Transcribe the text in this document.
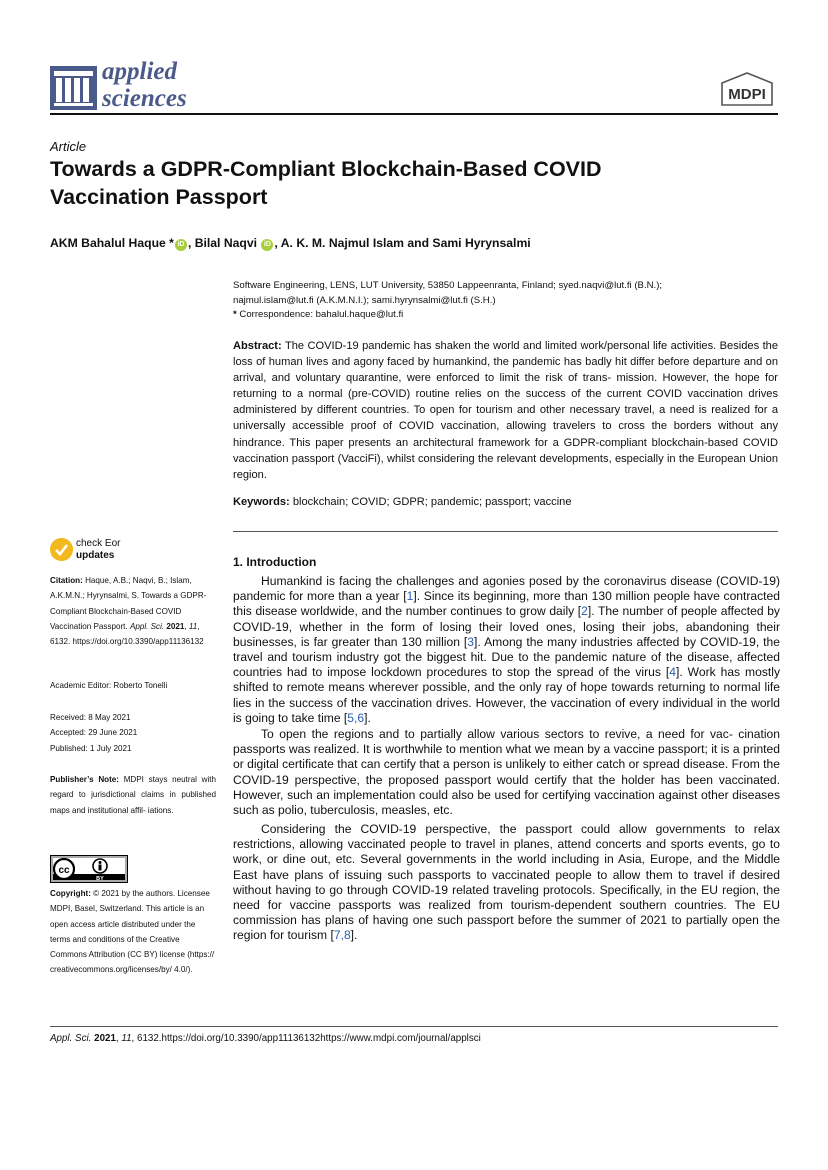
applied
sciences	MDPI
Article
Towards a GDPR-Compliant Blockchain-Based COVID Vaccination Passport
AKM Bahalul Haque * iD , Bilal Naqvi iD , A. K. M. Najmul Islam and Sami Hyrynsalmi
Software Engineering, LENS, LUT University, 53850 Lappeenranta, Finland; syed.naqvi@lut.fi (B.N.);
najmul.islam@lut.fi (A.K.M.N.I.); sami.hyrynsalmi@lut.fi (S.H.)
* Correspondence: bahalul.haque@lut.fi
Abstract: The COVID-19 pandemic has shaken the world and limited work/personal life activities. Besides the loss of human lives and agony faced by humankind, the pandemic has badly hit differ before departure and on arrival, and voluntary quarantine, were enforced to limit the risk of trans- mission. However, the hope for returning to a normal (pre-COVID) routine relies on the success of the current COVID vaccination drives administered by different countries. To open for tourism and other necessary travel, a need is realized for a universally accessible proof of COVID vaccination, allowing travelers to cross the borders without any hindrance. This paper presents an architectural framework for a GDPR-compliant blockchain-based COVID vaccination passport (VacciFi), whilst considering the relevant developments, especially in the European Union region.
Keywords: blockchain; COVID; GDPR; pandemic; passport; vaccine
check Eor
updates
Citation: Haque, A.B.; Naqvi, B.; Islam, A.K.M.N.; Hyrynsalmi, S. Towards a GDPR-Compliant Blockchain-Based COVID Vaccination Passport. Appl. Sci. 2021, 11, 6132. https://doi.org/10.3390/app11136132
Academic Editor: Roberto Tonelli
Received: 8 May 2021
Accepted: 29 June 2021
Published: 1 July 2021
Publisher’s Note: MDPI stays neutral with regard to jurisdictional claims in published maps and institutional affil- iations.
cc
BY
Copyright: © 2021 by the authors. Licensee MDPI, Basel, Switzerland. This article is an open access article distributed under the terms and conditions of the Creative Commons Attribution (CC BY) license (https:// creativecommons.org/licenses/by/ 4.0/).
1. Introduction

Humankind is facing the challenges and agonies posed by the coronavirus disease (COVID-19) pandemic for more than a year [1]. Since its beginning, more than 130 million people have contracted this disease worldwide, and the number continues to grow daily [2]. The number of people affected by COVID-19, whether in the form of losing their loved ones, losing their jobs, abandoning their businesses, is far greater than 130 million [3]. Among the many industries affected by COVID-19, the travel and tourism industry got the biggest hit. Due to the pandemic nature of the disease, affected countries had to impose lockdown procedures to stop the spread of the virus [4]. Work has mostly shifted to remote means wherever possible, and the only ray of hope towards returning to normal life lies in the success of the vaccination drives. However, the vaccination of every individual in the world is going to take time [5,6].

To open the regions and to partially allow various sectors to revive, a need for vac- cination passports was realized. It is worthwhile to mention what we mean by a vaccine passport; it is a printed or digital certificate that can certify that a person is unlikely to either catch or spread disease. From the COVID-19 perspective, the proposed passport would certify that the holder has been vaccinated. However, such an implementation could also be used for certifying vaccination against other diseases such as polio, tuberculosis, measles, etc.

Considering the COVID-19 perspective, the passport could allow governments to relax restrictions, allowing vaccinated people to travel in planes, attend concerts and sports events, go to work, or dine out, etc. Several governments in the world including in Asia, Europe, and the Middle East have plans of issuing such passports to vaccinated people to allow them to travel if desired without having to go through COVID-19 related traveling protocols. Specifically, in the EU region, the need for vaccine passports was realized from tourism-dependent southern countries. The EU commission has plans of having one such passport before the summer of 2021 to partially open the region for tourism [7,8].

Appl. Sci. 2021, 11, 6132.https://doi.org/10.3390/app11136132https://www.mdpi.com/journal/applsci
